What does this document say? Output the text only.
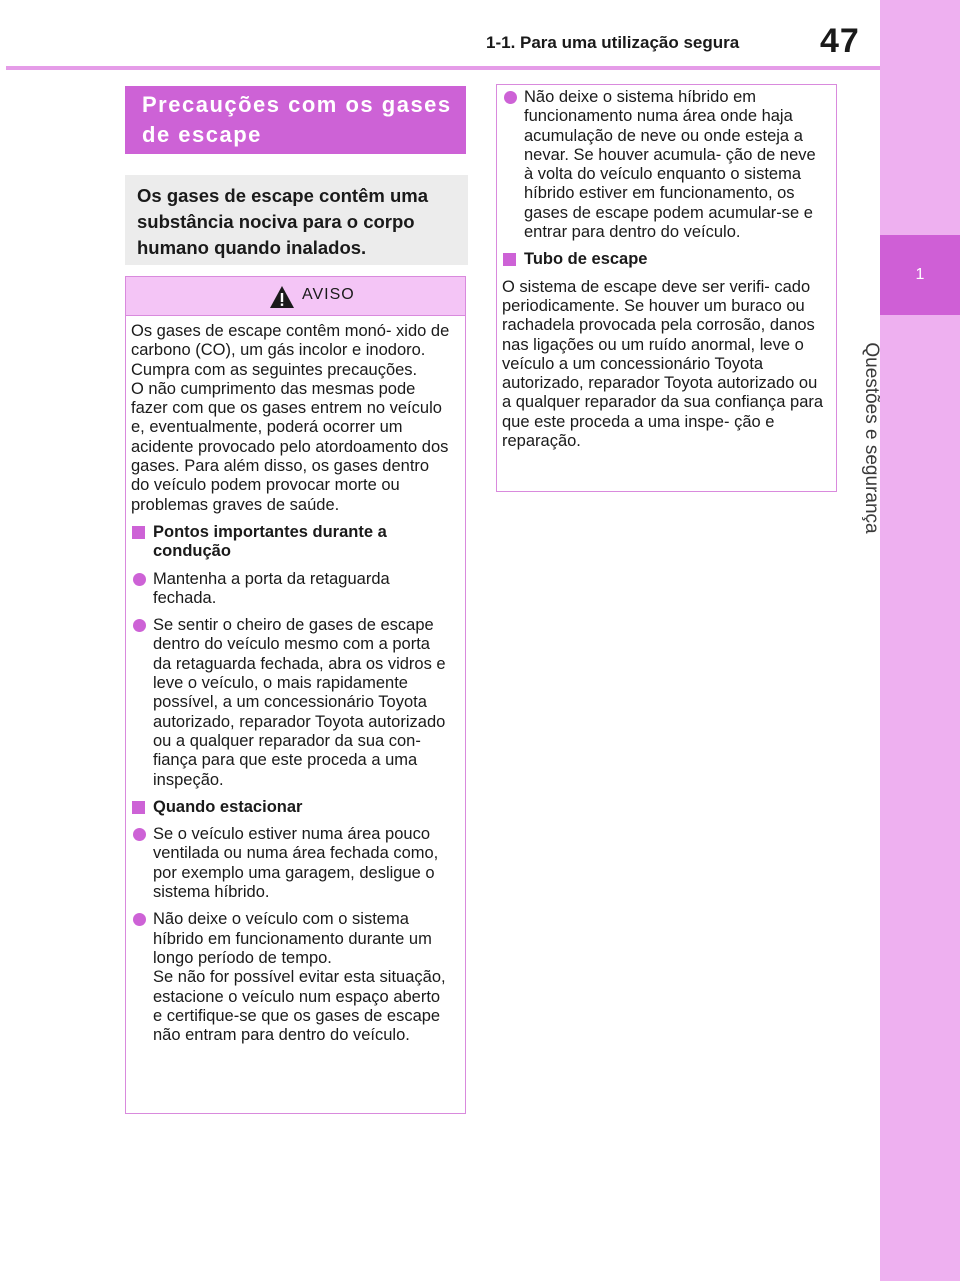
1
Questões e segurança
1-1. Para uma utilização segura 47
Precauções com os gases de escape
Os gases de escape contêm uma substância nociva para o corpo humano quando inalados.
AVISO

Os gases de escape contêm monó- xido de carbono (CO), um gás incolor e inodoro. Cumpra com as seguintes precauções.

O não cumprimento das mesmas pode fazer com que os gases entrem no veículo e, eventualmente, poderá ocorrer um acidente provocado pelo atordoamento dos gases. Para além disso, os gases dentro do veículo podem provocar morte ou problemas graves de saúde.

Pontos importantes durante a condução
Mantenha a porta da retaguarda fechada.
Se sentir o cheiro de gases de escape dentro do veículo mesmo com a porta da retaguarda fechada, abra os vidros e leve o veículo, o mais rapidamente possível, a um concessionário Toyota autorizado, reparador Toyota autorizado ou a qualquer reparador da sua con- fiança para que este proceda a uma inspeção.
Quando estacionar
Se o veículo estiver numa área pouco ventilada ou numa área fechada como, por exemplo uma garagem, desligue o sistema híbrido.

Não deixe o veículo com o sistema híbrido em funcionamento durante um longo período de tempo.

Se não for possível evitar esta situação, estacione o veículo num espaço aberto e certifique-se que os gases de escape não entram para dentro do veículo.

Não deixe o sistema híbrido em funcionamento numa área onde haja acumulação de neve ou onde esteja a nevar. Se houver acumula- ção de neve à volta do veículo enquanto o sistema híbrido estiver em funcionamento, os gases de escape podem acumular-se e entrar para dentro do veículo.
Tubo de escape

O sistema de escape deve ser verifi- cado periodicamente. Se houver um buraco ou rachadela provocada pela corrosão, danos nas ligações ou um ruído anormal, leve o veículo a um concessionário Toyota autorizado, reparador Toyota autorizado ou a qualquer reparador da sua confiança para que este proceda a uma inspe- ção e reparação.
